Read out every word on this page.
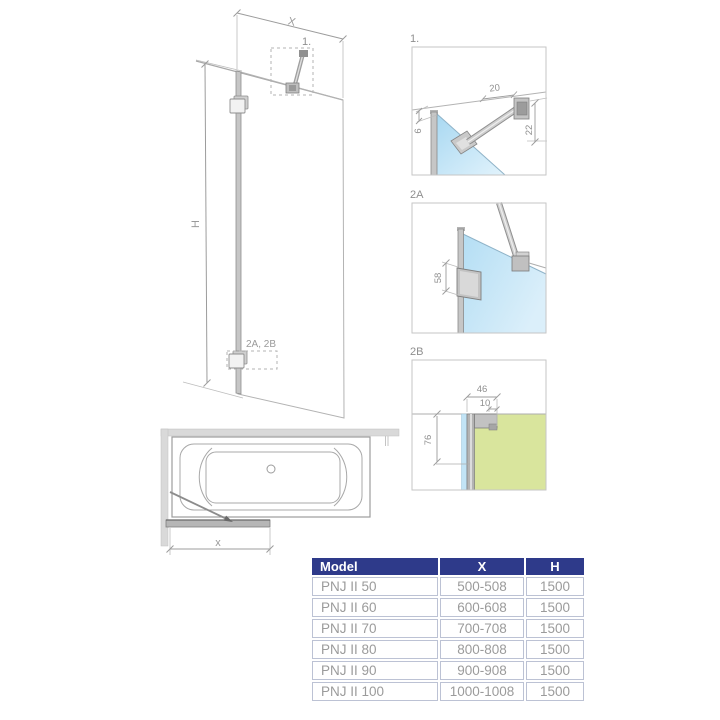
1.
2A, 2B
X
H
x
1.
20
22
6
2A
58
2B
76
46
10
Model	X	H
PNJ II 50	500-508	1500
PNJ II 60	600-608	1500
PNJ II 70	700-708	1500
PNJ II 80	800-808	1500
PNJ II 90	900-908	1500
PNJ II 100	1000-1008	1500
